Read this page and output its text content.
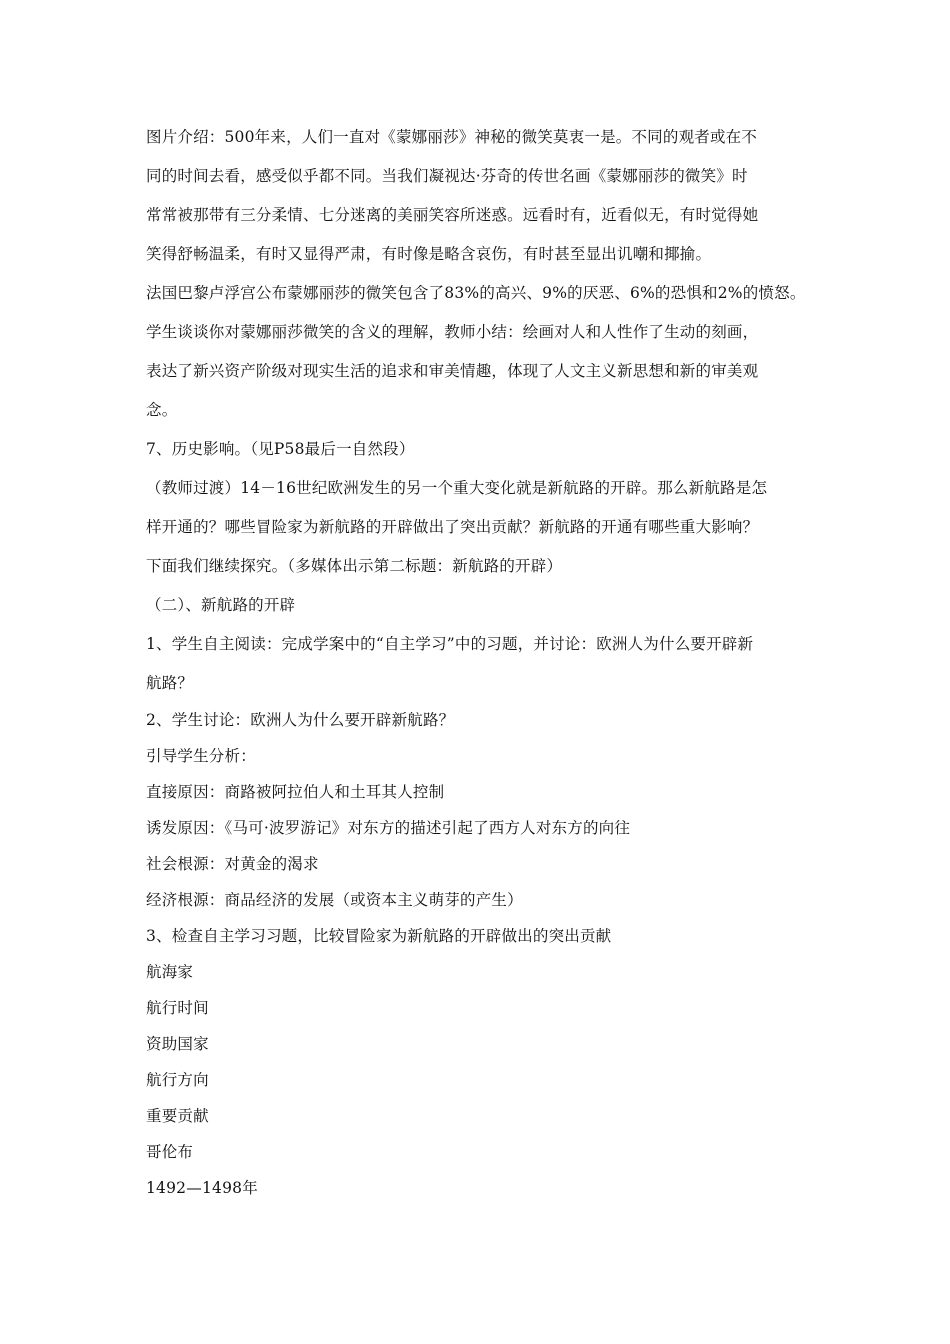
图片介绍：500年来，人们一直对《蒙娜丽莎》神秘的微笑莫衷一是。不同的观者或在不
同的时间去看，感受似乎都不同。当我们凝视达·芬奇的传世名画《蒙娜丽莎的微笑》时
常常被那带有三分柔情、七分迷离的美丽笑容所迷惑。远看时有，近看似无，有时觉得她
笑得舒畅温柔，有时又显得严肃，有时像是略含哀伤，有时甚至显出讥嘲和揶揄。
法国巴黎卢浮宫公布蒙娜丽莎的微笑包含了83%的高兴、9%的厌恶、6%的恐惧和2%的愤怒。
学生谈谈你对蒙娜丽莎微笑的含义的理解，教师小结：绘画对人和人性作了生动的刻画，
表达了新兴资产阶级对现实生活的追求和审美情趣，体现了人文主义新思想和新的审美观
念。
7、历史影响。（见P58最后一自然段）
（教师过渡）14－16世纪欧洲发生的另一个重大变化就是新航路的开辟。那么新航路是怎
样开通的？哪些冒险家为新航路的开辟做出了突出贡献？新航路的开通有哪些重大影响？
下面我们继续探究。（多媒体出示第二标题：新航路的开辟）
（二）、新航路的开辟
1、学生自主阅读：完成学案中的“自主学习”中的习题，并讨论：欧洲人为什么要开辟新
航路？
2、学生讨论：欧洲人为什么要开辟新航路？
引导学生分析：
直接原因：商路被阿拉伯人和土耳其人控制
诱发原因：《马可·波罗游记》对东方的描述引起了西方人对东方的向往
社会根源：对黄金的渴求
经济根源：商品经济的发展（或资本主义萌芽的产生）
3、检查自主学习习题，比较冒险家为新航路的开辟做出的突出贡献
航海家
航行时间
资助国家
航行方向
重要贡献
哥伦布
1492—1498年
